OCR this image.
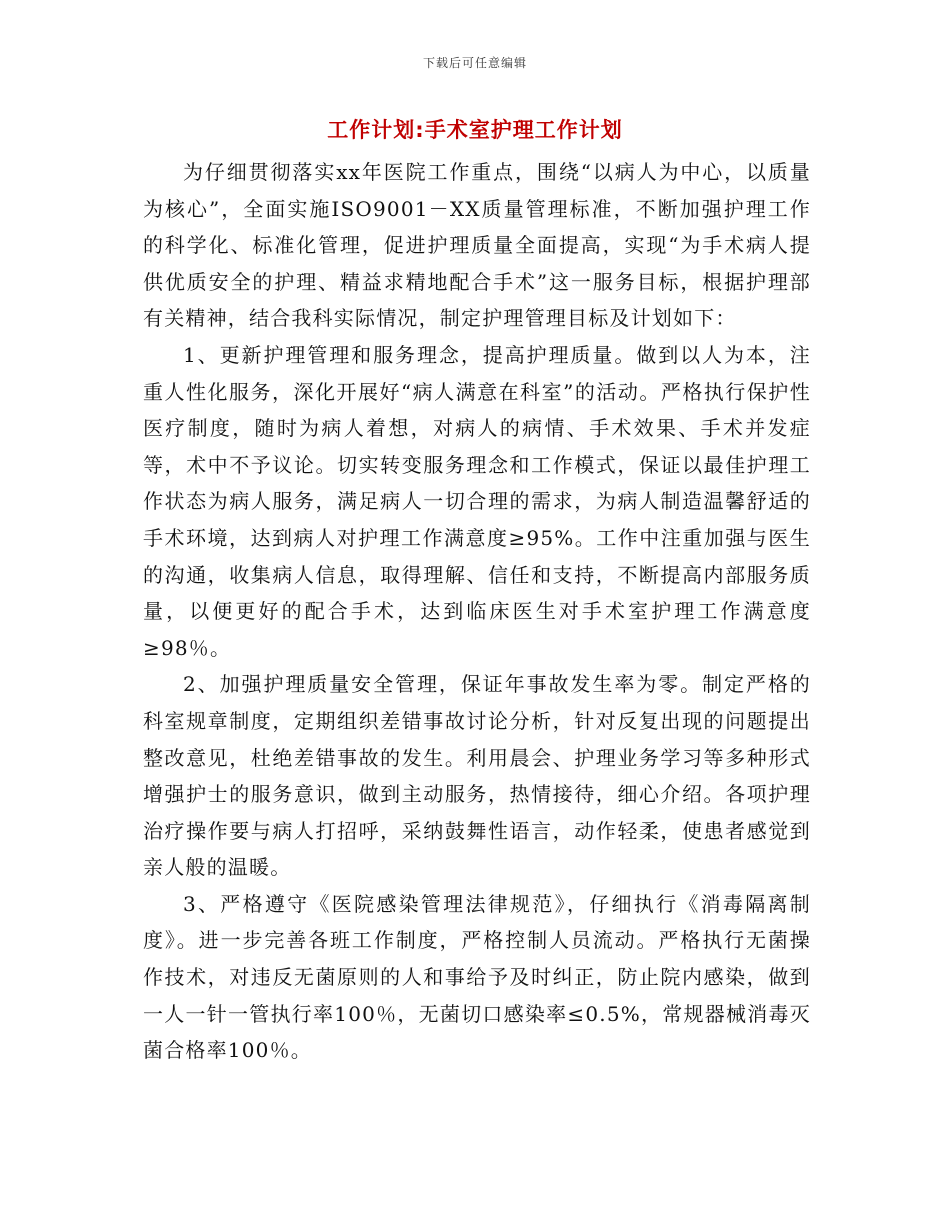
下载后可任意编辑
工作计划:手术室护理工作计划

为仔细贯彻落实xx年医院工作重点，围绕“以病人为中心，以质量为核心”，全面实施ISO9001－XX质量管理标准，不断加强护理工作的科学化、标准化管理，促进护理质量全面提高，实现“为手术病人提供优质安全的护理、精益求精地配合手术”这一服务目标，根据护理部有关精神，结合我科实际情况，制定护理管理目标及计划如下：

1、更新护理管理和服务理念，提高护理质量。做到以人为本，注重人性化服务，深化开展好“病人满意在科室”的活动。严格执行保护性医疗制度，随时为病人着想，对病人的病情、手术效果、手术并发症等，术中不予议论。切实转变服务理念和工作模式，保证以最佳护理工作状态为病人服务，满足病人一切合理的需求，为病人制造温馨舒适的手术环境，达到病人对护理工作满意度≥95%。工作中注重加强与医生的沟通，收集病人信息，取得理解、信任和支持，不断提高内部服务质量，以便更好的配合手术，达到临床医生对手术室护理工作满意度≥98％。

2、加强护理质量安全管理，保证年事故发生率为零。制定严格的科室规章制度，定期组织差错事故讨论分析，针对反复出现的问题提出整改意见，杜绝差错事故的发生。利用晨会、护理业务学习等多种形式增强护士的服务意识，做到主动服务，热情接待，细心介绍。各项护理治疗操作要与病人打招呼，采纳鼓舞性语言，动作轻柔，使患者感觉到亲人般的温暖。

3、严格遵守《医院感染管理法律规范》，仔细执行《消毒隔离制度》。进一步完善各班工作制度，严格控制人员流动。严格执行无菌操作技术，对违反无菌原则的人和事给予及时纠正，防止院内感染，做到一人一针一管执行率100％，无菌切口感染率≤0.5%，常规器械消毒灭菌合格率100％。
